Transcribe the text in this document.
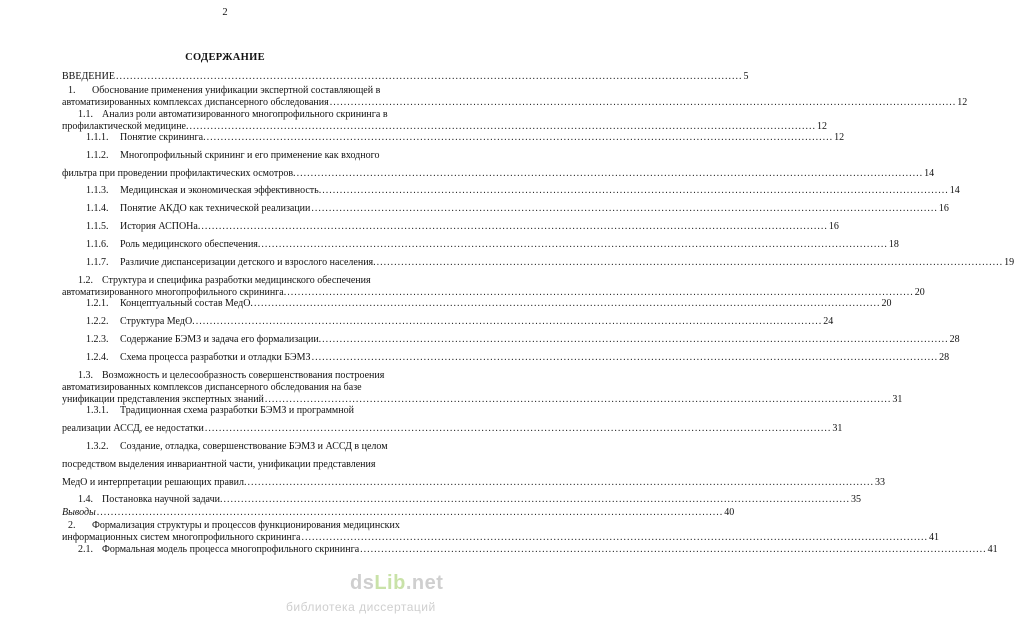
2
СОДЕРЖАНИЕ
ВВЕДЕНИЕ ................................................................................................................................................................................... 5
1. Обоснование применения унификации экспертной составляющей в
автоматизированных комплексах диспансерного обследования ................................................................................................................................................................................... 12
1.1. Анализ роли автоматизированного многопрофильного скрининга в
профилактической медицине. ................................................................................................................................................................................... 12
1.1.1. Понятие скрининга. ................................................................................................................................................................................... 12
1.1.2. Многопрофильный скрининг и его применение как входного
фильтра при проведении профилактических осмотров. ................................................................................................................................................................................... 14
1.1.3. Медицинская и экономическая эффективность. ................................................................................................................................................................................... 14
1.1.4. Понятие АКДО как технической реализации ................................................................................................................................................................................... 16
1.1.5. История АСПОНа. ................................................................................................................................................................................... 16
1.1.6. Роль медицинского обеспечения. ................................................................................................................................................................................... 18
1.1.7. Различие диспансеризации детского и взрослого населения. ................................................................................................................................................................................... 19
1.2. Структура и специфика разработки медицинского обеспечения
автоматизированного многопрофильного скрининга. ................................................................................................................................................................................... 20
1.2.1. Концептуальный состав МедО. ................................................................................................................................................................................... 20
1.2.2. Структура МедО. ................................................................................................................................................................................... 24
1.2.3. Содержание БЭМЗ и задача его формализации. ................................................................................................................................................................................... 28
1.2.4. Схема процесса разработки и отладки БЭМЗ ................................................................................................................................................................................... 28
1.3. Возможность и целесообразность совершенствования построения
автоматизированных комплексов диспансерного обследования на базе
унификации представления экспертных знаний ................................................................................................................................................................................... 31
1.3.1. Традиционная схема разработки БЭМЗ и программной
реализации АССД, ее недостатки ................................................................................................................................................................................... 31
1.3.2. Создание, отладка, совершенствование БЭМЗ и АССД в целом
посредством выделения инвариантной части, унификации представления
МедО и интерпретации решающих правил. ................................................................................................................................................................................... 33
1.4. Постановка научной задачи. ................................................................................................................................................................................... 35
Выводы ................................................................................................................................................................................... 40
2. Формализация структуры и процессов функционирования медицинских
информационных систем многопрофильного скрининга ................................................................................................................................................................................... 41
2.1. Формальная модель процесса многопрофильного скрининга ................................................................................................................................................................................... 41
dsLib.net
библиотека диссертаций
